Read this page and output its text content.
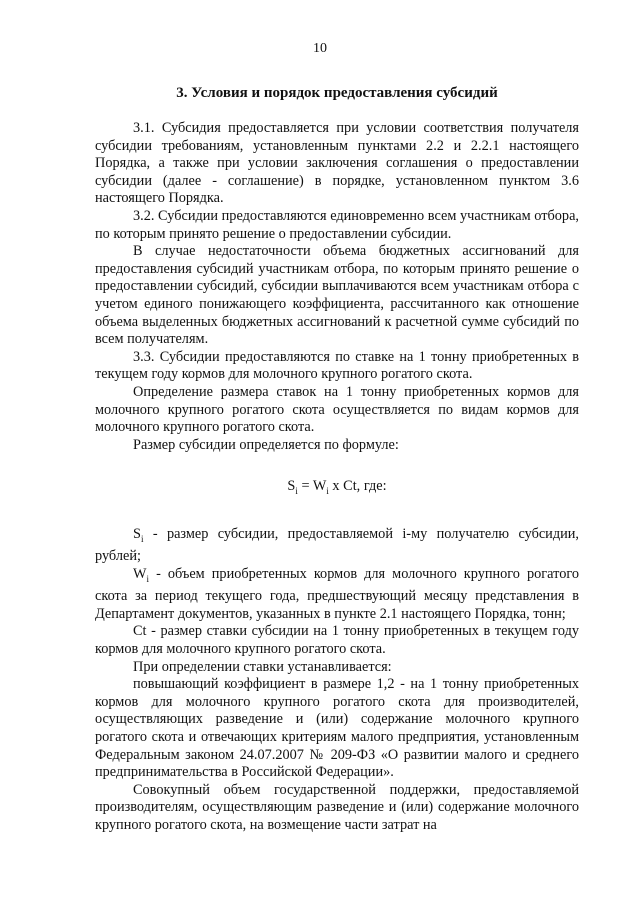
10
3. Условия и порядок предоставления субсидий

3.1. Субсидия предоставляется при условии соответствия получателя субсидии требованиям, установленным пунктами 2.2 и 2.2.1 настоящего Порядка, а также при условии заключения соглашения о предоставлении субсидии (далее - соглашение) в порядке, установленном пунктом 3.6 настоящего Порядка.

3.2. Субсидии предоставляются единовременно всем участникам отбора, по которым принято решение о предоставлении субсидии.

В случае недостаточности объема бюджетных ассигнований для предоставления субсидий участникам отбора, по которым принято решение о предоставлении субсидий, субсидии выплачиваются всем участникам отбора с учетом единого понижающего коэффициента, рассчитанного как отношение объема выделенных бюджетных ассигнований к расчетной сумме субсидий по всем получателям.

3.3. Субсидии предоставляются по ставке на 1 тонну приобретенных в текущем году кормов для молочного крупного рогатого скота.

Определение размера ставок на 1 тонну приобретенных кормов для молочного крупного рогатого скота осуществляется по видам кормов для молочного крупного рогатого скота.

Размер субсидии определяется по формуле:

$S_i = W_i$ x Ct, где:

$S_i$ - размер субсидии, предоставляемой i-му получателю субсидии, рублей;

$W_i$ - объем приобретенных кормов для молочного крупного рогатого скота за период текущего года, предшествующий месяцу представления в Департамент документов, указанных в пункте 2.1 настоящего Порядка, тонн;

Ct - размер ставки субсидии на 1 тонну приобретенных в текущем году кормов для молочного крупного рогатого скота.

При определении ставки устанавливается:

повышающий коэффициент в размере 1,2 - на 1 тонну приобретенных кормов для молочного крупного рогатого скота для производителей, осуществляющих разведение и (или) содержание молочного крупного рогатого скота и отвечающих критериям малого предприятия, установленным Федеральным законом 24.07.2007 № 209-ФЗ «О развитии малого и среднего предпринимательства в Российской Федерации».

Совокупный объем государственной поддержки, предоставляемой производителям, осуществляющим разведение и (или) содержание молочного крупного рогатого скота, на возмещение части затрат на
